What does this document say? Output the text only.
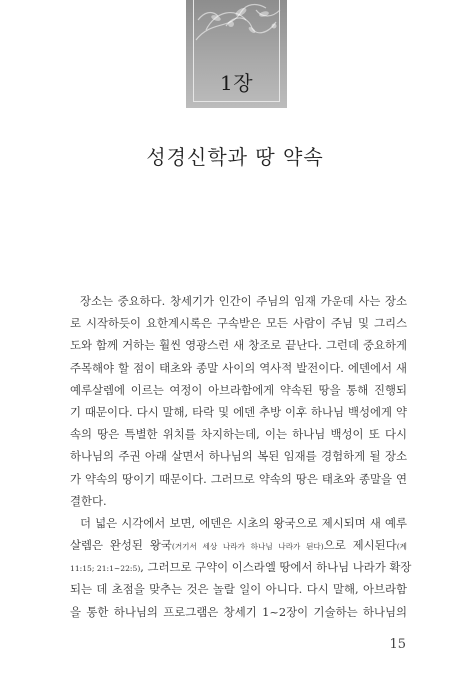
1장
성경신학과 땅 약속
장소는 중요하다. 창세기가 인간이 주님의 임재 가운데 사는 장소
로 시작하듯이 요한계시록은 구속받은 모든 사람이 주님 및 그리스
도와 함께 거하는 훨씬 영광스런 새 창조로 끝난다. 그런데 중요하게
주목해야 할 점이 태초와 종말 사이의 역사적 발전이다. 에덴에서 새
예루살렘에 이르는 여정이 아브라함에게 약속된 땅을 통해 진행되
기 때문이다. 다시 말해, 타락 및 에덴 추방 이후 하나님 백성에게 약
속의 땅은 특별한 위치를 차지하는데, 이는 하나님 백성이 또 다시
하나님의 주권 아래 살면서 하나님의 복된 임재를 경험하게 될 장소
가 약속의 땅이기 때문이다. 그러므로 약속의 땅은 태초와 종말을 연
결한다.
더 넓은 시각에서 보면, 에덴은 시초의 왕국으로 제시되며 새 예루
살렘은 완성된 왕국(거기서 세상 나라가 하나님 나라가 된다)으로 제시된다(계
11:15; 21:1~22:5), 그러므로 구약이 이스라엘 땅에서 하나님 나라가 확장
되는 데 초점을 맞추는 것은 놀랄 일이 아니다. 다시 말해, 아브라함
을 통한 하나님의 프로그램은 창세기 1~2장이 기술하는 하나님의
15
